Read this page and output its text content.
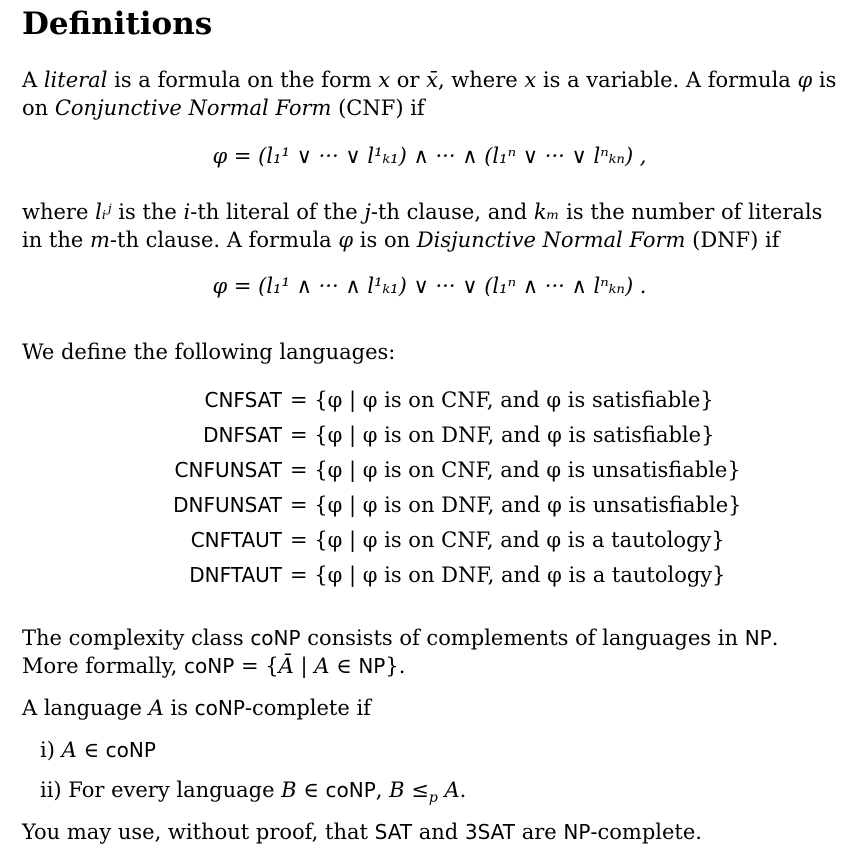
Definitions

A literal is a formula on the form x or x̄, where x is a variable. A formula φ is on Conjunctive Normal Form (CNF) if

φ = (l₁¹ ∨ ··· ∨ l¹ₖ₁) ∧ ··· ∧ (l₁ⁿ ∨ ··· ∨ lⁿₖₙ) ,

where lᵢʲ is the i-th literal of the j-th clause, and kₘ is the number of literals in the m-th clause. A formula φ is on Disjunctive Normal Form (DNF) if

φ = (l₁¹ ∧ ··· ∧ l¹ₖ₁) ∨ ··· ∨ (l₁ⁿ ∧ ··· ∧ lⁿₖₙ) .

We define the following languages:

CNFSAT = {φ | φ is on CNF, and φ is satisfiable}
DNFSAT = {φ | φ is on DNF, and φ is satisfiable}
CNFUNSAT = {φ | φ is on CNF, and φ is unsatisfiable}
DNFUNSAT = {φ | φ is on DNF, and φ is unsatisfiable}
CNFTAUT = {φ | φ is on CNF, and φ is a tautology}
DNFTAUT = {φ | φ is on DNF, and φ is a tautology}

The complexity class coNP consists of complements of languages in NP. More formally, coNP = {Ā | A ∈ NP}.

A language A is coNP-complete if

i) A ∈ coNP
ii) For every language B ∈ coNP, $B \le_p$ A.

You may use, without proof, that SAT and 3SAT are NP-complete.
